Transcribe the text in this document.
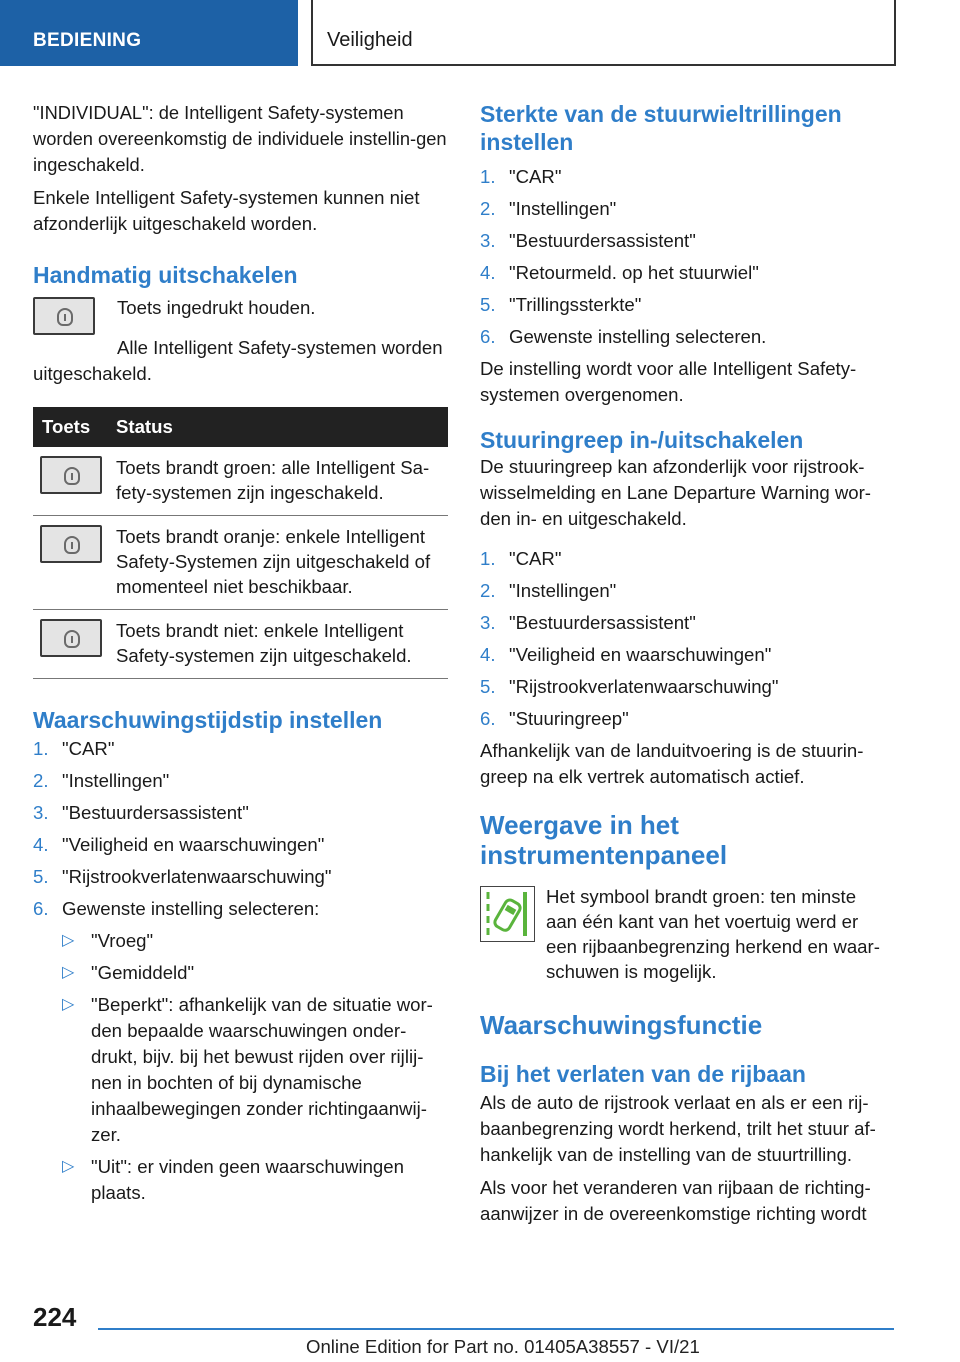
BEDIENING	Veiligheid

"INDIVIDUAL": de Intelligent Safety-systemen worden overeenkomstig de individuele instellin-gen ingeschakeld.

Enkele Intelligent Safety-systemen kunnen niet afzonderlijk uitgeschakeld worden.

Handmatig uitschakelen

Toets ingedrukt houden.

Alle Intelligent Safety-systemen worden uitgeschakeld.

Toets	Status

	Toets brandt groen: alle Intelligent Sa-fety-systemen zijn ingeschakeld.

	Toets brandt oranje: enkele Intelligent Safety-Systemen zijn uitgeschakeld of momenteel niet beschikbaar.

	Toets brandt niet: enkele Intelligent Safety-systemen zijn uitgeschakeld.
Waarschuwingstijdstip instellen
1. "CAR"
2. "Instellingen"
3. "Bestuurdersassistent"
4. "Veiligheid en waarschuwingen"
5. "Rijstrookverlatenwaarschuwing"
6. Gewenste instelling selecteren:
▷ "Vroeg"
▷ "Gemiddeld"
▷ "Beperkt": afhankelijk van de situatie wor-den bepaalde waarschuwingen onder-drukt, bijv. bij het bewust rijden over rijlij-nen in bochten of bij dynamische inhaalbewegingen zonder richtingaanwij-zer.
▷ "Uit": er vinden geen waarschuwingen plaats.
Sterkte van de stuurwieltrillingen instellen
1. "CAR"
2. "Instellingen"
3. "Bestuurdersassistent"
4. "Retourmeld. op het stuurwiel"
5. "Trillingssterkte"
6. Gewenste instelling selecteren.

De instelling wordt voor alle Intelligent Safety-systemen overgenomen.

Stuuringreep in-/uitschakelen

De stuuringreep kan afzonderlijk voor rijstrook-wisselmelding en Lane Departure Warning wor-den in- en uitgeschakeld.

1. "CAR"
2. "Instellingen"
3. "Bestuurdersassistent"
4. "Veiligheid en waarschuwingen"
5. "Rijstrookverlatenwaarschuwing"
6. "Stuuringreep"

Afhankelijk van de landuitvoering is de stuurin-greep na elk vertrek automatisch actief.

Weergave in het instrumentenpaneel

Het symbool brandt groen: ten minste aan één kant van het voertuig werd er een rijbaanbegrenzing herkend en waar-schuwen is mogelijk.

Waarschuwingsfunctie
Bij het verlaten van de rijbaan

Als de auto de rijstrook verlaat en als er een rij-baanbegrenzing wordt herkend, trilt het stuur af-hankelijk van de instelling van de stuurtrilling.

Als voor het veranderen van rijbaan de richting-aanwijzer in de overeenkomstige richting wordt

224
Online Edition for Part no. 01405A38557 - VI/21
